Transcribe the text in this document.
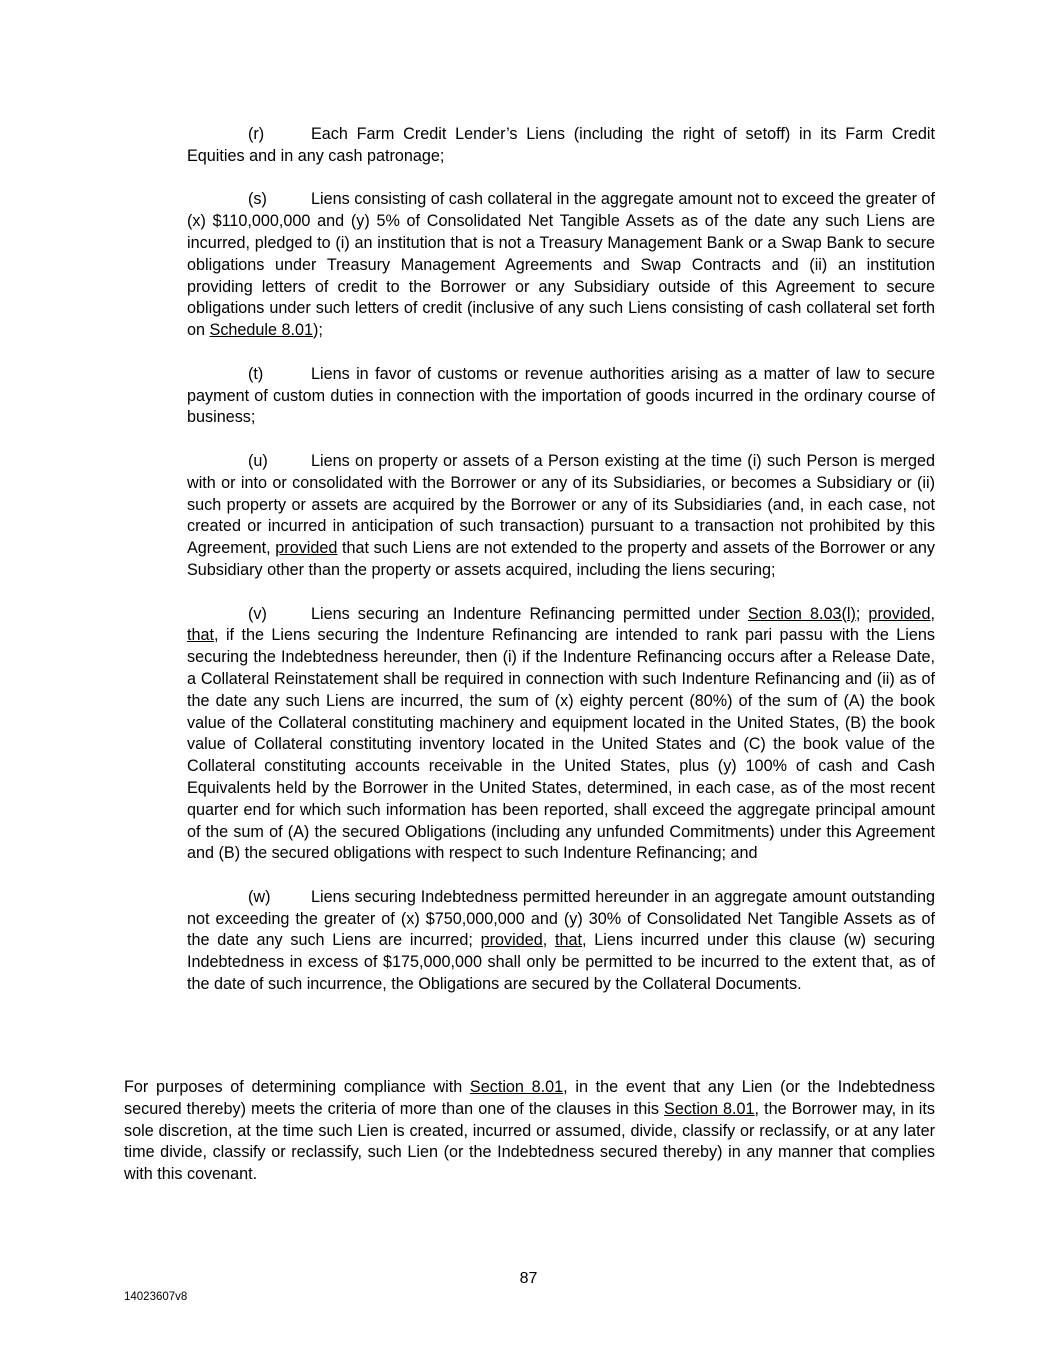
(r)	Each Farm Credit Lender’s Liens (including the right of setoff) in its Farm Credit Equities and in any cash patronage;

(s)	Liens consisting of cash collateral in the aggregate amount not to exceed the greater of (x) $110,000,000 and (y) 5% of Consolidated Net Tangible Assets as of the date any such Liens are incurred, pledged to (i) an institution that is not a Treasury Management Bank or a Swap Bank to secure obligations under Treasury Management Agreements and Swap Contracts and (ii) an institution providing letters of credit to the Borrower or any Subsidiary outside of this Agreement to secure obligations under such letters of credit (inclusive of any such Liens consisting of cash collateral set forth on Schedule 8.01);

(t)	Liens in favor of customs or revenue authorities arising as a matter of law to secure payment of custom duties in connection with the importation of goods incurred in the ordinary course of business;

(u)	Liens on property or assets of a Person existing at the time (i) such Person is merged with or into or consolidated with the Borrower or any of its Subsidiaries, or becomes a Subsidiary or (ii) such property or assets are acquired by the Borrower or any of its Subsidiaries (and, in each case, not created or incurred in anticipation of such transaction) pursuant to a transaction not prohibited by this Agreement, provided that such Liens are not extended to the property and assets of the Borrower or any Subsidiary other than the property or assets acquired, including the liens securing;

(v)	Liens securing an Indenture Refinancing permitted under Section 8.03(l); provided, that, if the Liens securing the Indenture Refinancing are intended to rank pari passu with the Liens securing the Indebtedness hereunder, then (i) if the Indenture Refinancing occurs after a Release Date, a Collateral Reinstatement shall be required in connection with such Indenture Refinancing and (ii) as of the date any such Liens are incurred, the sum of (x) eighty percent (80%) of the sum of (A) the book value of the Collateral constituting machinery and equipment located in the United States, (B) the book value of Collateral constituting inventory located in the United States and (C) the book value of the Collateral constituting accounts receivable in the United States, plus (y) 100% of cash and Cash Equivalents held by the Borrower in the United States, determined, in each case, as of the most recent quarter end for which such information has been reported, shall exceed the aggregate principal amount of the sum of (A) the secured Obligations (including any unfunded Commitments) under this Agreement and (B) the secured obligations with respect to such Indenture Refinancing; and

(w)	Liens securing Indebtedness permitted hereunder in an aggregate amount outstanding not exceeding the greater of (x) $750,000,000 and (y) 30% of Consolidated Net Tangible Assets as of the date any such Liens are incurred; provided, that, Liens incurred under this clause (w) securing Indebtedness in excess of $175,000,000 shall only be permitted to be incurred to the extent that, as of the date of such incurrence, the Obligations are secured by the Collateral Documents.

For purposes of determining compliance with Section 8.01, in the event that any Lien (or the Indebtedness secured thereby) meets the criteria of more than one of the clauses in this Section 8.01, the Borrower may, in its sole discretion, at the time such Lien is created, incurred or assumed, divide, classify or reclassify, or at any later time divide, classify or reclassify, such Lien (or the Indebtedness secured thereby) in any manner that complies with this covenant.

87
14023607v8
